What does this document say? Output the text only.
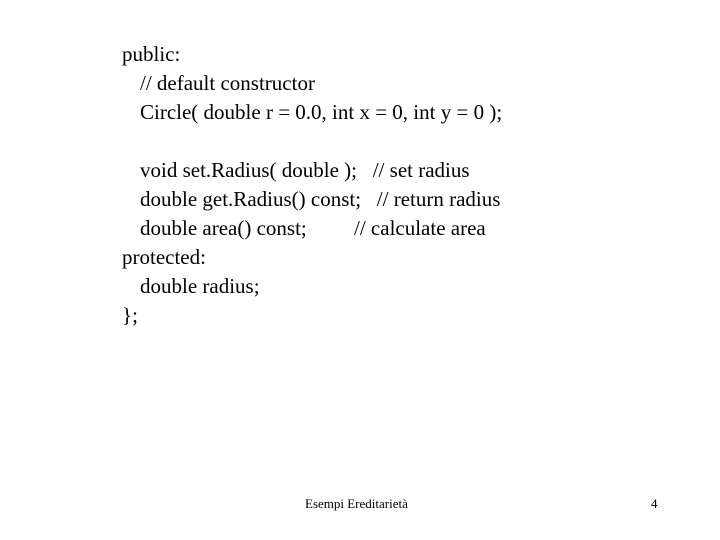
public:
// default constructor
Circle( double r = 0.0, int x = 0, int y = 0 );
void set.Radius( double );   // set radius
double get.Radius() const;   // return radius
double area() const;         // calculate area
protected:
double radius;
};
Esempi Ereditarietà	4
